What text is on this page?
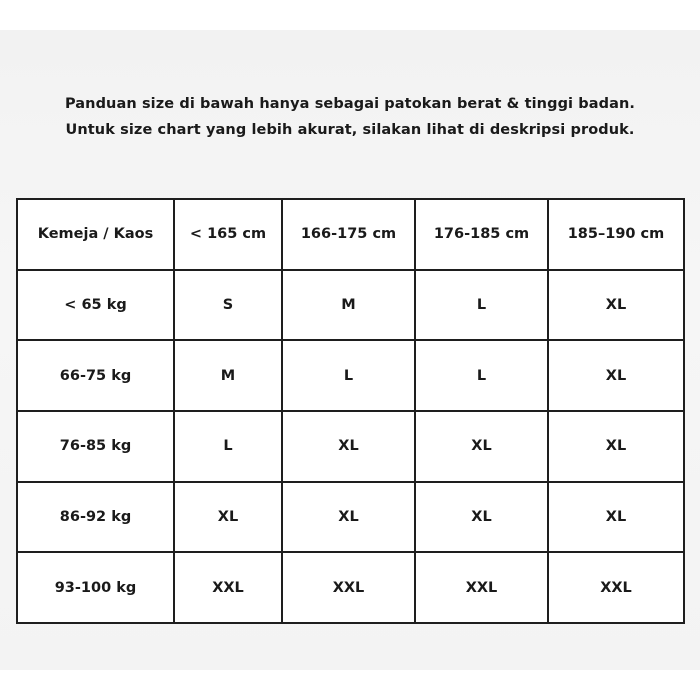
Panduan size di bawah hanya sebagai patokan berat & tinggi badan.
Untuk size chart yang lebih akurat, silakan lihat di deskripsi produk.
Kemeja / Kaos	< 165 cm	166-175 cm	176-185 cm	185–190 cm
< 65 kg	S	M	L	XL
66-75 kg	M	L	L	XL
76-85 kg	L	XL	XL	XL
86-92 kg	XL	XL	XL	XL
93-100 kg	XXL	XXL	XXL	XXL
